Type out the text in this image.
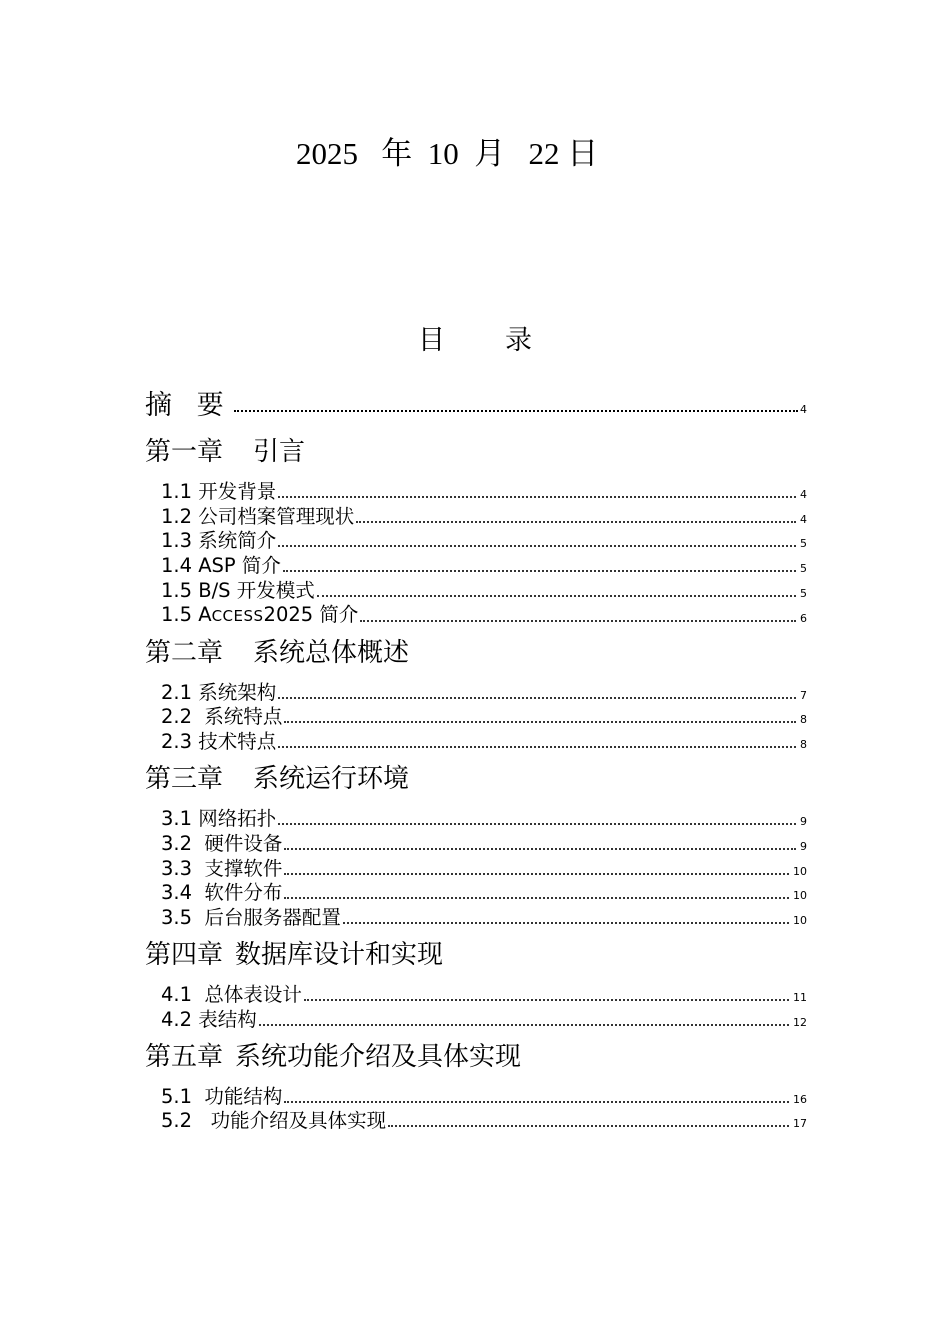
2025   年  10  月   22 日
目 录
摘 要	4
第一章 引言
1.1 开发背景	4
1.2 公司档案管理现状	4
1.3 系统简介	5
1.4 ASP 简介	5
1.5 B/S 开发模式	5
1.5 ACCESS2025 简介	6
第二章 系统总体概述
2.1 系统架构	7
2.2  系统特点	8
2.3 技术特点	8
第三章 系统运行环境
3.1 网络拓扑	9
3.2  硬件设备	9
3.3  支撑软件	10
3.4  软件分布	10
3.5  后台服务器配置	10
第四章 数据库设计和实现
4.1  总体表设计	11
4.2 表结构	12
第五章 系统功能介绍及具体实现
5.1  功能结构	16
5.2   功能介绍及具体实现	17
